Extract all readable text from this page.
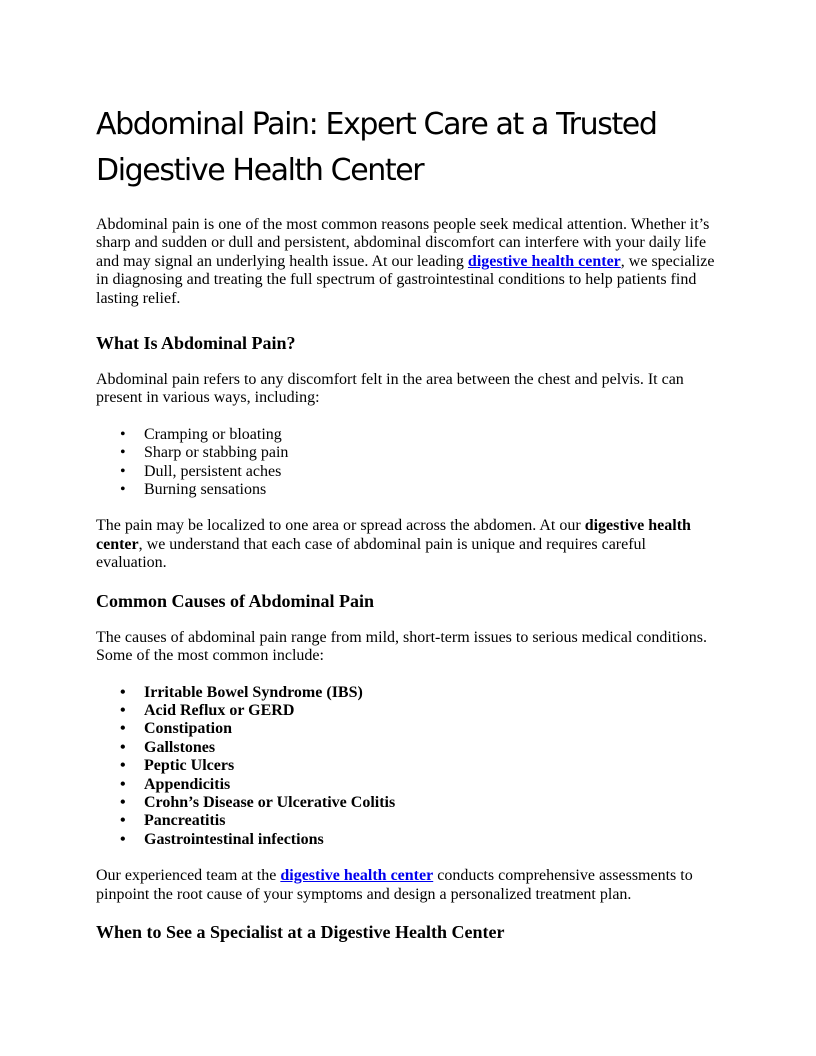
Abdominal Pain: Expert Care at a Trusted Digestive Health Center

Abdominal pain is one of the most common reasons people seek medical attention. Whether it’s sharp and sudden or dull and persistent, abdominal discomfort can interfere with your daily life and may signal an underlying health issue. At our leading digestive health center, we specialize in diagnosing and treating the full spectrum of gastrointestinal conditions to help patients find lasting relief.

What Is Abdominal Pain?

Abdominal pain refers to any discomfort felt in the area between the chest and pelvis. It can present in various ways, including:

• Cramping or bloating
• Sharp or stabbing pain
• Dull, persistent aches
• Burning sensations

The pain may be localized to one area or spread across the abdomen. At our digestive health center, we understand that each case of abdominal pain is unique and requires careful evaluation.

Common Causes of Abdominal Pain

The causes of abdominal pain range from mild, short-term issues to serious medical conditions. Some of the most common include:

• Irritable Bowel Syndrome (IBS)
• Acid Reflux or GERD
• Constipation
• Gallstones
• Peptic Ulcers
• Appendicitis
• Crohn’s Disease or Ulcerative Colitis
• Pancreatitis
• Gastrointestinal infections

Our experienced team at the digestive health center conducts comprehensive assessments to pinpoint the root cause of your symptoms and design a personalized treatment plan.

When to See a Specialist at a Digestive Health Center
